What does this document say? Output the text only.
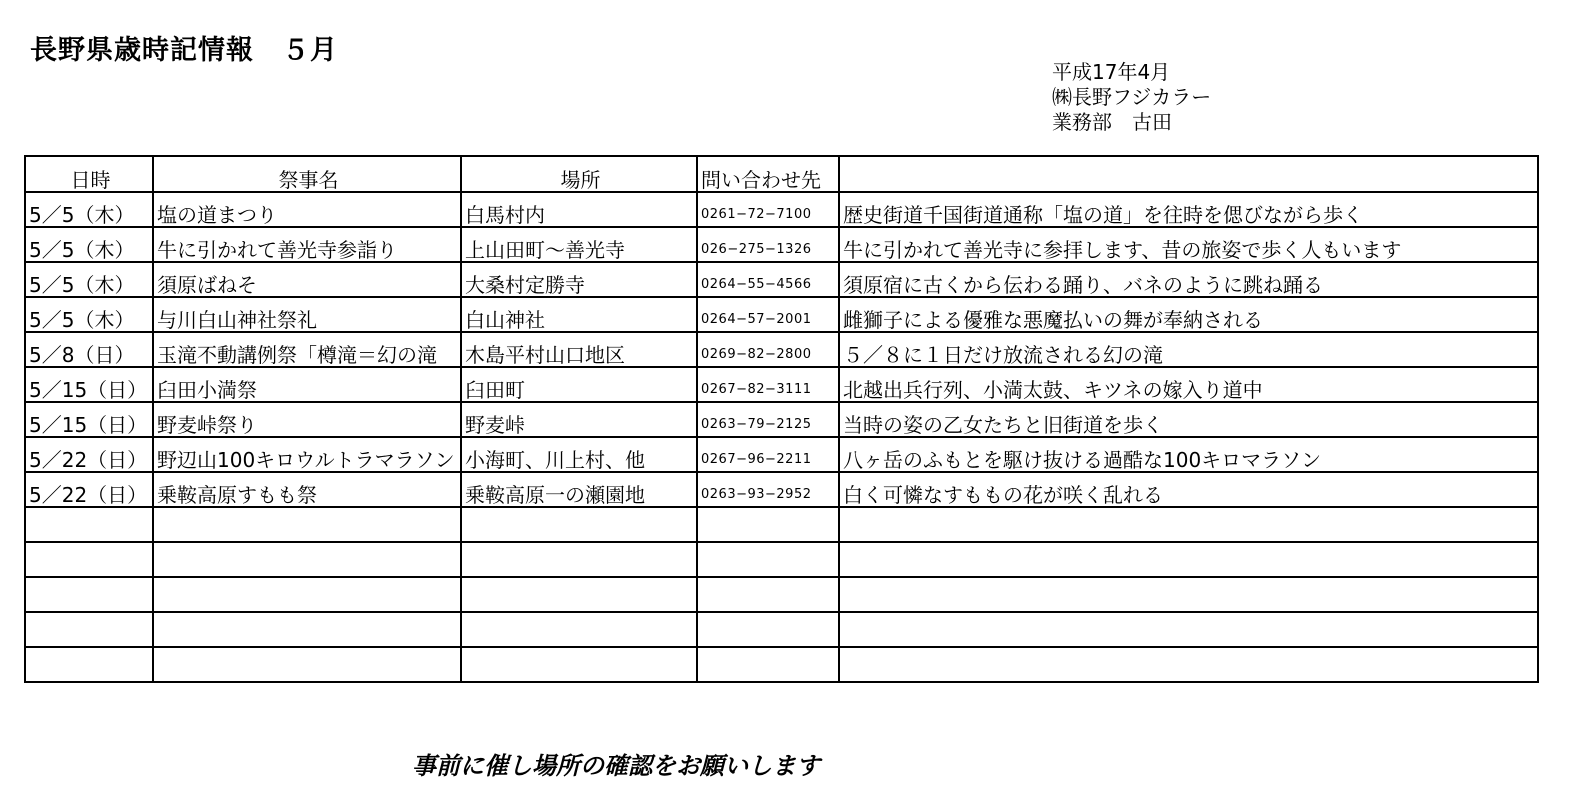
長野県歳時記情報　５月
平成17年4月
㈱長野フジカラー
業務部　古田
日時	祭事名	場所	問い合わせ先	
5／5（木）	塩の道まつり	白馬村内	0261−72−7100	歴史街道千国街道通称「塩の道」を往時を偲びながら歩く
5／5（木）	牛に引かれて善光寺参詣り	上山田町〜善光寺	026−275−1326	牛に引かれて善光寺に参拝します、昔の旅姿で歩く人もいます
5／5（木）	須原ばねそ	大桑村定勝寺	0264−55−4566	須原宿に古くから伝わる踊り、バネのように跳ね踊る
5／5（木）	与川白山神社祭礼	白山神社	0264−57−2001	雌獅子による優雅な悪魔払いの舞が奉納される
5／8（日）	玉滝不動講例祭「樽滝＝幻の滝	木島平村山口地区	0269−82−2800	５／８に１日だけ放流される幻の滝
5／15（日）	臼田小満祭	臼田町	0267−82−3111	北越出兵行列、小満太鼓、キツネの嫁入り道中
5／15（日）	野麦峠祭り	野麦峠	0263−79−2125	当時の姿の乙女たちと旧街道を歩く
5／22（日）	野辺山100キロウルトラマラソン	小海町、川上村、他	0267−96−2211	八ヶ岳のふもとを駆け抜ける過酷な100キロマラソン
5／22（日）	乗鞍高原すもも祭	乗鞍高原一の瀬園地	0263−93−2952	白く可憐なすももの花が咲く乱れる

事前に催し場所の確認をお願いします
